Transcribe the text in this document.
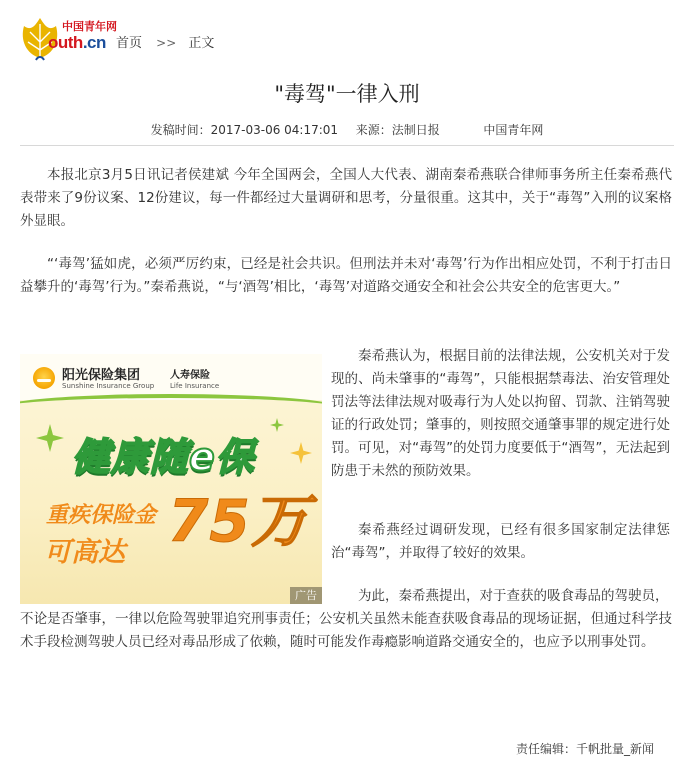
中国青年网
outh.cn 首页 >> 正文
"毒驾"一律入刑
发稿时间：2017-03-06 04:17:01 来源：法制日报	中国青年网

本报北京3月5日讯记者侯建斌 今年全国两会，全国人大代表、湖南秦希燕联合律师事务所主任秦希燕代表带来了9份议案、12份建议，每一件都经过大量调研和思考，分量很重。这其中，关于“毒驾”入刑的议案格外显眼。

“‘毒驾’猛如虎，必须严厉约束，已经是社会共识。但刑法并未对‘毒驾’行为作出相应处罚，不利于打击日益攀升的‘毒驾’行为。”秦希燕说，“与‘酒驾’相比，‘毒驾’对道路交通安全和社会公共安全的危害更大。”

秦希燕认为，根据目前的法律法规，公安机关对于发现的、尚未肇事的“毒驾”，只能根据禁毒法、治安管理处罚法等法律法规对吸毒行为人处以拘留、罚款、注销驾驶证的行政处罚；肇事的，则按照交通肇事罪的规定进行处罚。可见，对“毒驾”的处罚力度要低于“酒驾”，无法起到防患于未然的预防效果。

秦希燕经过调研发现，已经有很多国家制定法律惩治“毒驾”，并取得了较好的效果。

为此，秦希燕提出，对于查获的吸食毒品的驾驶员，

不论是否肇事，一律以危险驾驶罪追究刑事责任；公安机关虽然未能查获吸食毒品的现场证据，但通过科学技术手段检测驾驶人员已经对毒品形成了依赖，随时可能发作毒瘾影响道路交通安全的，也应予以刑事处罚。

阳光保险集团
Sunshine Insurance Group
人寿保险
Life Insurance
健康随e保
重疾保险金
可高达 75万
广告
责任编辑：千帆批量_新闻
